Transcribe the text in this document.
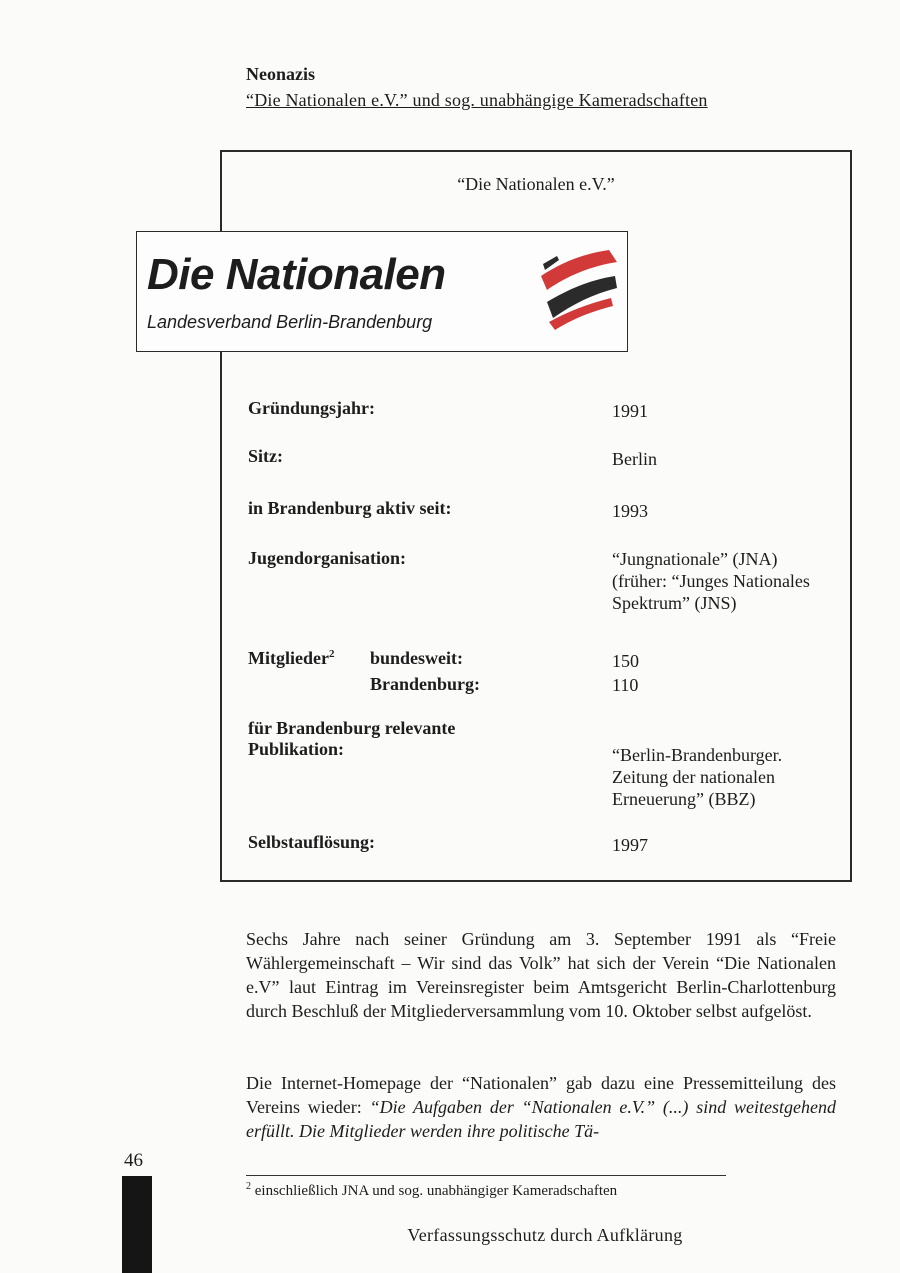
Neonazis
“Die Nationalen e.V.” und sog. unabhängige Kameradschaften
“Die Nationalen e.V.”
Gründungsjahr:	1991
Sitz:	Berlin
in Brandenburg aktiv seit:	1993
Jugendorganisation:	“Jungnationale” (JNA)
(früher: “Junges Nationales
Spektrum” (JNS)
Mitglieder$^2$ bundesweit:	150
Brandenburg:	110
für Brandenburg relevante
Publikation:	“Berlin-Brandenburger.
Zeitung der nationalen
Erneuerung” (BBZ)
Selbstauflösung:	1997
Die Nationalen
Landesverband Berlin-Brandenburg
Sechs Jahre nach seiner Gründung am 3. September 1991 als “Freie Wählergemeinschaft – Wir sind das Volk” hat sich der Verein “Die Nationalen e.V” laut Eintrag im Vereinsregister beim Amtsgericht Berlin-Charlottenburg durch Beschluß der Mitgliederversammlung vom 10. Oktober selbst aufgelöst.
Die Internet-Homepage der “Nationalen” gab dazu eine Pressemitteilung des Vereins wieder: “Die Aufgaben der “Nationalen e.V.” (...) sind weitestgehend erfüllt. Die Mitglieder werden ihre politische Tä-
46
$^2$ einschließlich JNA und sog. unabhängiger Kameradschaften
Verfassungsschutz durch Aufklärung
